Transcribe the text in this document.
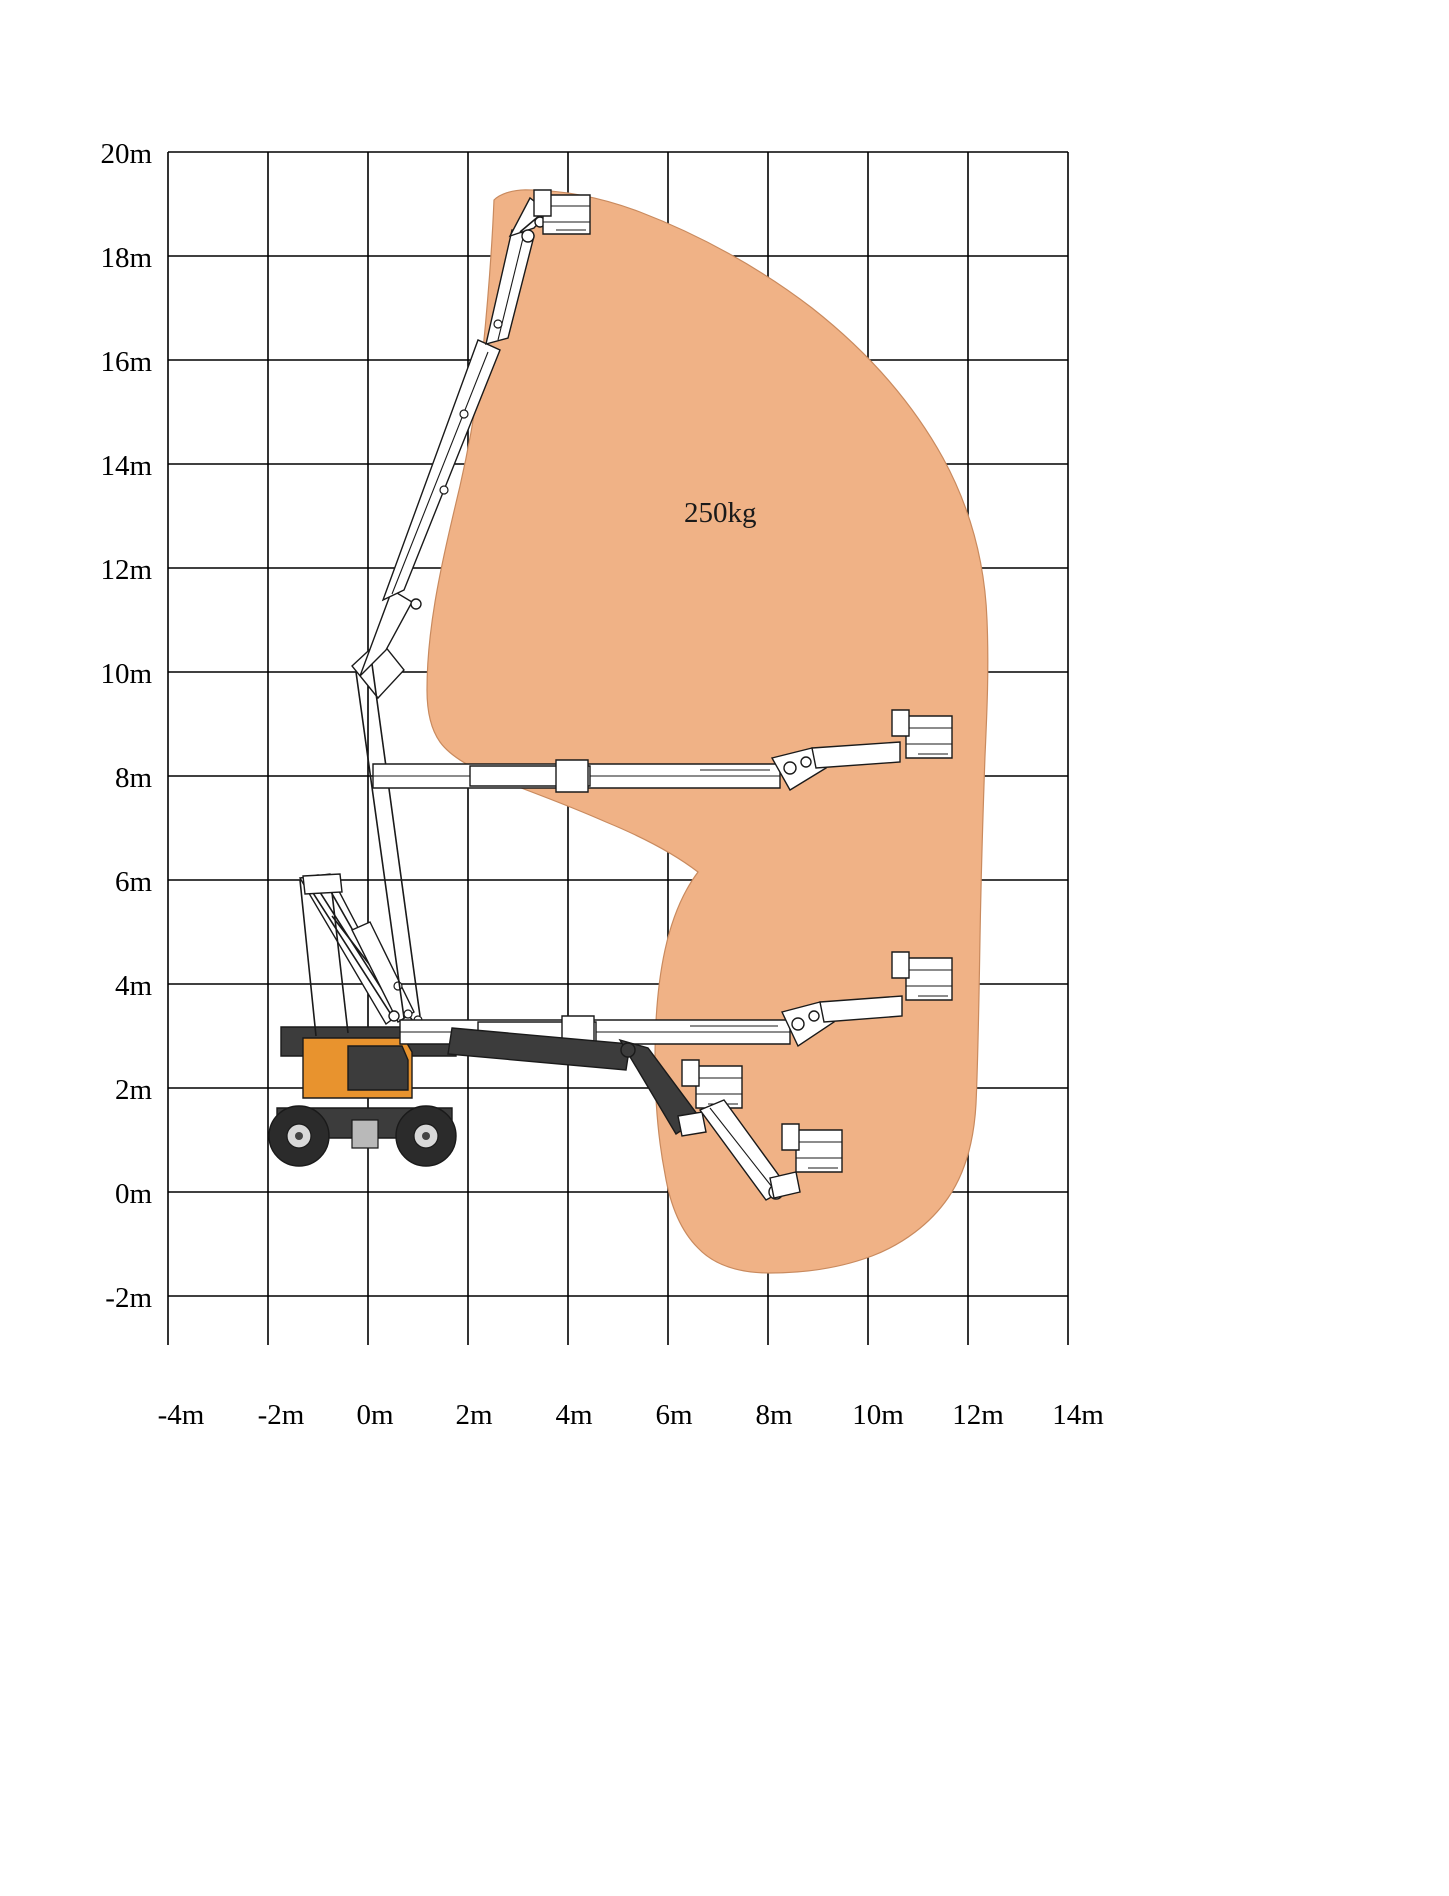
250kg
20m
18m
16m
14m
12m
10m
8m
6m
4m
2m
0m
-2m
-4m -2m 0m 2m 4m 6m 8m 10m 12m 14m
